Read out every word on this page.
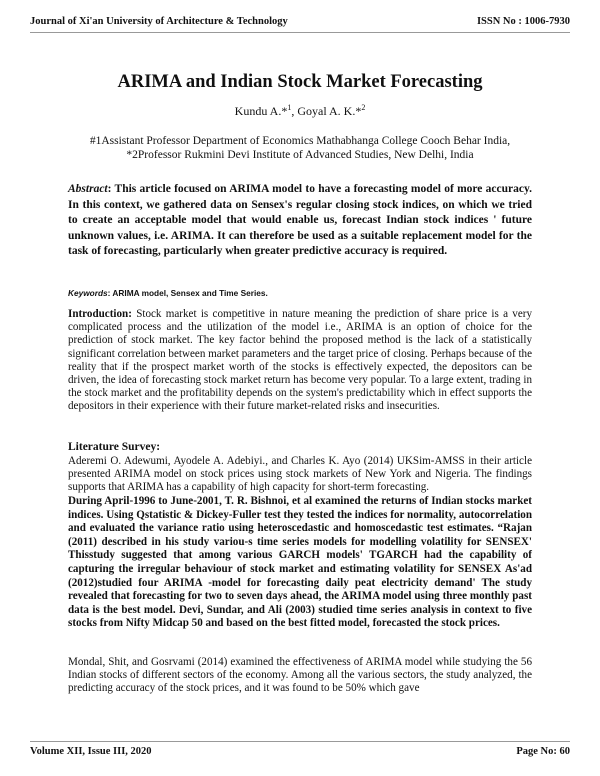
Journal of Xi'an University of Architecture & Technology	ISSN No : 1006-7930
ARIMA and Indian Stock Market Forecasting
Kundu A.*$^1$, Goyal A. K.*$^2$
#1Assistant Professor Department of Economics Mathabhanga College Cooch Behar India,
*2Professor Rukmini Devi Institute of Advanced Studies, New Delhi, India
Abstract: This article focused on ARIMA model to have a forecasting model of more accuracy. In this context, we gathered data on Sensex's regular closing stock indices, on which we tried to create an acceptable model that would enable us, forecast Indian stock indices ' future unknown values, i.e. ARIMA. It can therefore be used as a suitable replacement model for the task of forecasting, particularly when greater predictive accuracy is required.
Keywords: ARIMA model, Sensex and Time Series.
Introduction: Stock market is competitive in nature meaning the prediction of share price is a very complicated process and the utilization of the model i.e., ARIMA is an option of choice for the prediction of stock market. The key factor behind the proposed method is the lack of a statistically significant correlation between market parameters and the target price of closing. Perhaps because of the reality that if the prospect market worth of the stocks is effectively expected, the depositors can be driven, the idea of forecasting stock market return has become very popular. To a large extent, trading in the stock market and the profitability depends on the system's predictability which in effect supports the depositors in their experience with their future market-related risks and insecurities.
Literature Survey:
Aderemi O. Adewumi, Ayodele A. Adebiyi., and Charles K. Ayo (2014) UKSim-AMSS in their article presented ARIMA model on stock prices using stock markets of New York and Nigeria. The findings supports that ARIMA has a capability of high capacity for short-term forecasting.
During April-1996 to June-2001, T. R. Bishnoi, et al examined the returns of Indian stocks market indices. Using Qstatistic & Dickey-Fuller test they tested the indices for normality, autocorrelation and evaluated the variance ratio using heteroscedastic and homoscedastic test estimates. “Rajan (2011) described in his study variou-s time series models for modelling volatility for SENSEX' Thisstudy suggested that among various GARCH models' TGARCH had the capability of capturing the irregular behaviour of stock market and estimating volatility for SENSEX As'ad (2012)studied four ARIMA -model for forecasting daily peat electricity demand' The study revealed that forecasting for two to seven days ahead, the ARIMA model using three monthly past data is the best model. Devi, Sundar, and Ali (2003) studied time series analysis in context to five stocks from Nifty Midcap 50 and based on the best fitted model, forecasted the stock prices.
Mondal, Shit, and Gosrvami (2014) examined the effectiveness of ARIMA model while studying the 56 Indian stocks of different sectors of the economy. Among all the various sectors, the study analyzed, the predicting accuracy of the stock prices, and it was found to be 50% which gave
Volume XII, Issue III, 2020	Page No: 60
